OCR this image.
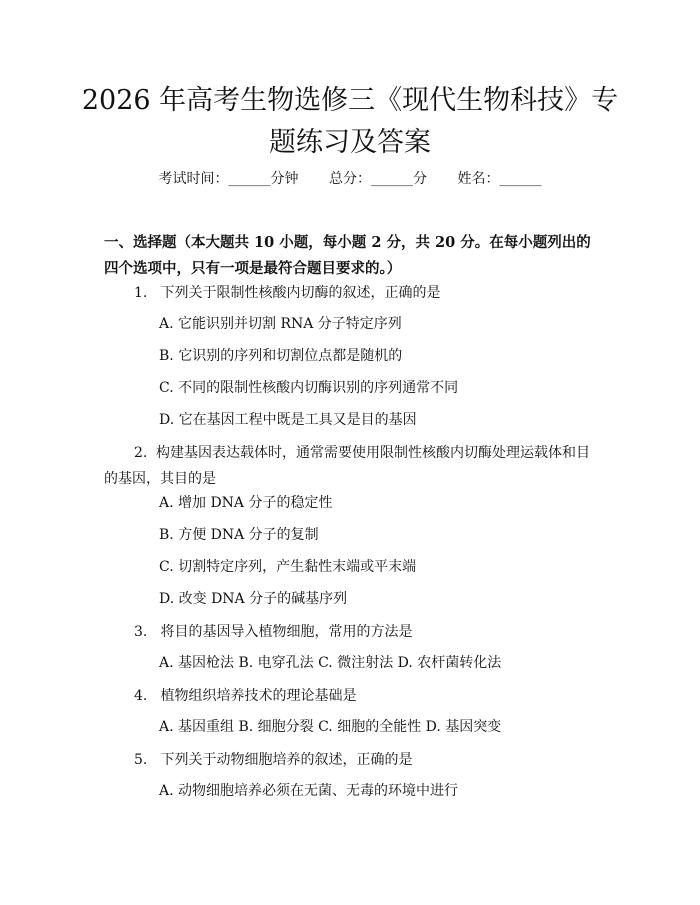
2026 年高考生物选修三《现代生物科技》专
题练习及答案
考试时间：______分钟 总分：______分 姓名：______
一、选择题（本大题共 10 小题，每小题 2 分，共 20 分。在每小题列出的四个选项中，只有一项是最符合题目要求的。）
1. 下列关于限制性核酸内切酶的叙述，正确的是
A. 它能识别并切割 RNA 分子特定序列
B. 它识别的序列和切割位点都是随机的
C. 不同的限制性核酸内切酶识别的序列通常不同
D. 它在基因工程中既是工具又是目的基因
2. 构建基因表达载体时，通常需要使用限制性核酸内切酶处理运载体和目的基因，其目的是
A. 增加 DNA 分子的稳定性
B. 方便 DNA 分子的复制
C. 切割特定序列，产生黏性末端或平末端
D. 改变 DNA 分子的碱基序列
3. 将目的基因导入植物细胞，常用的方法是
A. 基因枪法 B. 电穿孔法 C. 微注射法 D. 农杆菌转化法
4. 植物组织培养技术的理论基础是
A. 基因重组 B. 细胞分裂 C. 细胞的全能性 D. 基因突变
5. 下列关于动物细胞培养的叙述，正确的是
A. 动物细胞培养必须在无菌、无毒的环境中进行
